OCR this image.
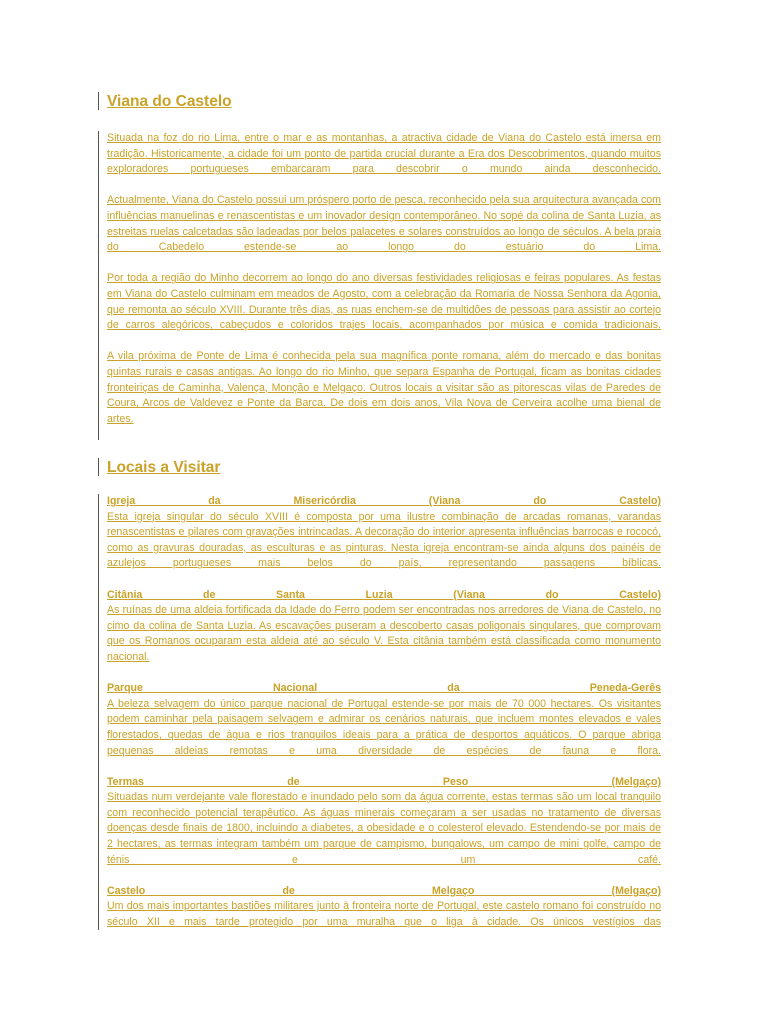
Viana do Castelo

Situada na foz do rio Lima, entre o mar e as montanhas, a atractiva cidade de Viana do Castelo está imersa em tradição. Historicamente, a cidade foi um ponto de partida crucial durante a Era dos Descobrimentos, quando muitos exploradores portugueses embarcaram para descobrir o mundo ainda desconhecido.

Actualmente, Viana do Castelo possui um próspero porto de pesca, reconhecido pela sua arquitectura avançada com influências manuelinas e renascentistas e um inovador design contemporâneo. No sopé da colina de Santa Luzia, as estreitas ruelas calcetadas são ladeadas por belos palacetes e solares construídos ao longo de séculos. A bela praia do Cabedelo estende-se ao longo do estuário do Lima.

Por toda a região do Minho decorrem ao longo do ano diversas festividades religiosas e feiras populares. As festas em Viana do Castelo culminam em meados de Agosto, com a celebração da Romaria de Nossa Senhora da Agonia, que remonta ao século XVIII. Durante três dias, as ruas enchem-se de multidões de pessoas para assistir ao cortejo de carros alegóricos, cabeçudos e coloridos trajes locais, acompanhados por música e comida tradicionais.

A vila próxima de Ponte de Lima é conhecida pela sua magnífica ponte romana, além do mercado e das bonitas quintas rurais e casas antigas. Ao longo do rio Minho, que separa Espanha de Portugal, ficam as bonitas cidades fronteiriças de Caminha, Valença, Monção e Melgaço. Outros locais a visitar são as pitorescas vilas de Paredes de Coura, Arcos de Valdevez e Ponte da Barca. De dois em dois anos, Vila Nova de Cerveira acolhe uma bienal de artes.

Locais a Visitar
Igreja da Misericórdia (Viana do Castelo)
Esta igreja singular do século XVIII é composta por uma ilustre combinação de arcadas romanas, varandas renascentistas e pilares com gravações intrincadas. A decoração do interior apresenta influências barrocas e rococó, como as gravuras douradas, as esculturas e as pinturas. Nesta igreja encontram-se ainda alguns dos painéis de azulejos portugueses mais belos do país, representando passagens bíblicas.
Citânia de Santa Luzia (Viana do Castelo)
As ruínas de uma aldeia fortificada da Idade do Ferro podem ser encontradas nos arredores de Viana de Castelo, no cimo da colina de Santa Luzia. As escavações puseram a descoberto casas poligonais singulares, que comprovam que os Romanos ocuparam esta aldeia até ao século V. Esta citânia também está classificada como monumento nacional.
Parque Nacional da Peneda-Gerês
A beleza selvagem do único parque nacional de Portugal estende-se por mais de 70 000 hectares. Os visitantes podem caminhar pela paisagem selvagem e admirar os cenários naturais, que incluem montes elevados e vales florestados, quedas de água e rios tranquilos ideais para a prática de desportos aquáticos. O parque abriga pequenas aldeias remotas e uma diversidade de espécies de fauna e flora.
Termas de Peso (Melgaço)
Situadas num verdejante vale florestado e inundado pelo som da água corrente, estas termas são um local tranquilo com reconhecido potencial terapêutico. As águas minerais começaram a ser usadas no tratamento de diversas doenças desde finais de 1800, incluindo a diabetes, a obesidade e o colesterol elevado. Estendendo-se por mais de 2 hectares, as termas integram também um parque de campismo, bungalows, um campo de mini golfe, campo de ténis e um café.
Castelo de Melgaço (Melgaço)
Um dos mais importantes bastiões militares junto à fronteira norte de Portugal, este castelo romano foi construído no século XII e mais tarde protegido por uma muralha que o liga à cidade. Os únicos vestígios das
